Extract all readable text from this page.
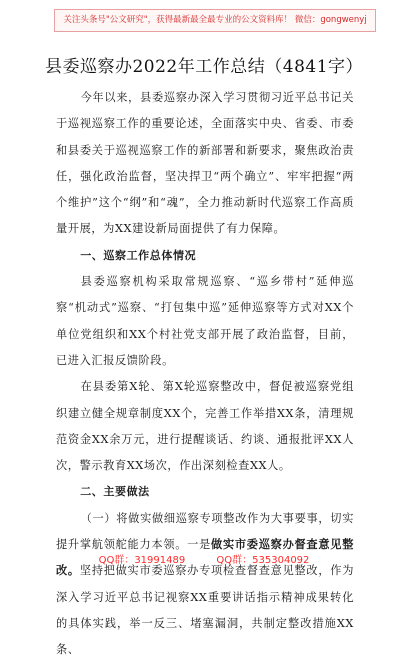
关注头条号"公文研究"，获得最新最全最专业的公文资料库！ 微信：gongwenyj
县委巡察办2022年工作总结（4841字）

今年以来，县委巡察办深入学习贯彻习近平总书记关于巡视巡察工作的重要论述，全面落实中央、省委、市委和县委关于巡视巡察工作的新部署和新要求，聚焦政治责任，强化政治监督，坚决捍卫“两个确立”、牢牢把握“两个维护”这个“纲”和“魂”，全力推动新时代巡察工作高质量开展，为XX建设新局面提供了有力保障。

一、巡察工作总体情况

县委巡察机构采取常规巡察、“巡乡带村”延伸巡察“机动式”巡察、“打包集中巡”延伸巡察等方式对XX个单位党组织和XX个村社党支部开展了政治监督，目前，已进入汇报反馈阶段。

在县委第X轮、第X轮巡察整改中，督促被巡察党组织建立健全规章制度XX个，完善工作举措XX条，清理规范资金XX余万元，进行提醒谈话、约谈、通报批评XX人次，警示教育XX场次，作出深刻检查XX人。

二、主要做法

（一）将做实做细巡察专项整改作为大事要事，切实提升掌航领舵能力本领。一是做实市委巡察办督查意见整改。坚持把做实市委巡察办专项检查督查意见整改，作为深入学习近平总书记视察XX重要讲话指示精神成果转化的具体实践，举一反三、堵塞漏洞，共制定整改措施XX条、

QQ群：31991489	QQ群：535304092
